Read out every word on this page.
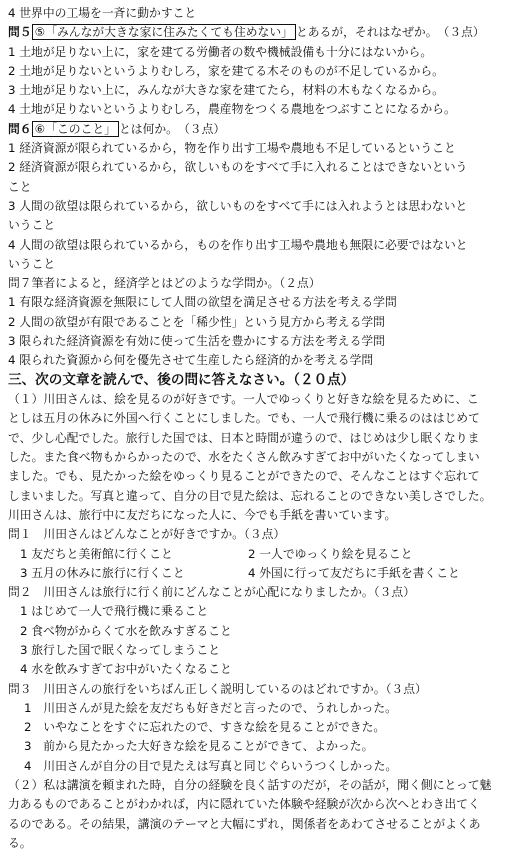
4 世界中の工場を一斉に動かすこと
問５ ⑤「みんなが大きな家に住みたくても住めない」 とあるが，それはなぜか。　 （３点）
1 土地が足りない上に，家を建てる労働者の数や機械設備も十分にはないから。
2 土地が足りないというよりむしろ，家を建てる木そのものが不足しているから。
3 土地が足りない上に，みんなが大きな家を建てたら，材料の木もなくなるから。
4 土地が足りないというよりむしろ，農産物をつくる農地をつぶすことになるから。
問６ ⑥「このこと」 とは何か。　 （３点）
1 経済資源が限られているから，物を作り出す工場や農地も不足しているということ
2 経済資源が限られているから，欲しいものをすべて手に入れることはできないという
こと
3 人間の欲望は限られているから，欲しいものをすべて手には入れようとは思わないと
いうこと
4 人間の欲望は限られているから，ものを作り出す工場や農地も無限に必要ではないと
いうこと
問７筆者によると，経済学とはどのような学問か。（２点）
1 有限な経済資源を無限にして人間の欲望を満足させる方法を考える学問
2 人間の欲望が有限であることを「稀少性」という見方から考える学問
3 限られた経済資源を有効に使って生活を豊かにする方法を考える学問
4 限られた資源から何を優先させて生産したら経済的かを考える学問
三、次の文章を読んで、後の問に答えなさい。（２０点）
（１）川田さんは、絵を見るのが好きです。一人でゆっくりと好きな絵を見るために、こ
としは五月の休みに外国へ行くことにしました。でも、一人で飛行機に乗るのははじめて
で、少し心配でした。旅行した国では、日本と時間が違うので、はじめは少し眠くなりま
した。また食べ物もからかったので、水をたくさん飲みすぎてお中がいたくなってしまい
ました。でも、見たかった絵をゆっくり見ることができたので、そんなことはすぐ忘れて
しまいました。写真と違って、自分の目で見た絵は、忘れることのできない美しさでした。
川田さんは、旅行中に友だちになった人に、今でも手紙を書いています。
問１　川田さんはどんなことが好きですか。（３点）
1 友だちと美術館に行くこと	2 一人でゆっくり絵を見ること
3 五月の休みに旅行に行くこと	4 外国に行って友だちに手紙を書くこと
問２　川田さんは旅行に行く前にどんなことが心配になりましたか。（３点）
1 はじめて一人で飛行機に乗ること
2 食べ物がからくて水を飲みすぎること
3 旅行した国で眠くなってしまうこと
4 水を飲みすぎてお中がいたくなること
問３　川田さんの旅行をいちばん正しく説明しているのはどれですか。（３点）
1　川田さんが見た絵を友だちも好きだと言ったので、うれしかった。
2　いやなことをすぐに忘れたので、すきな絵を見ることができた。
3　前から見たかった大好きな絵を見ることができて、よかった。
4　川田さんが自分の目で見たえは写真と同じぐらいうつくしかった。
（２）私は講演を頼まれた時，自分の経験を良く話すのだが，その話が，聞く側にとって魅
力あるものであることがわかれば，内に隠れていた体験や経験が次から次へとわき出てく
るのである。その結果，講演のテーマと大幅にずれ，関係者をあわてさせることがよくあ
る。
